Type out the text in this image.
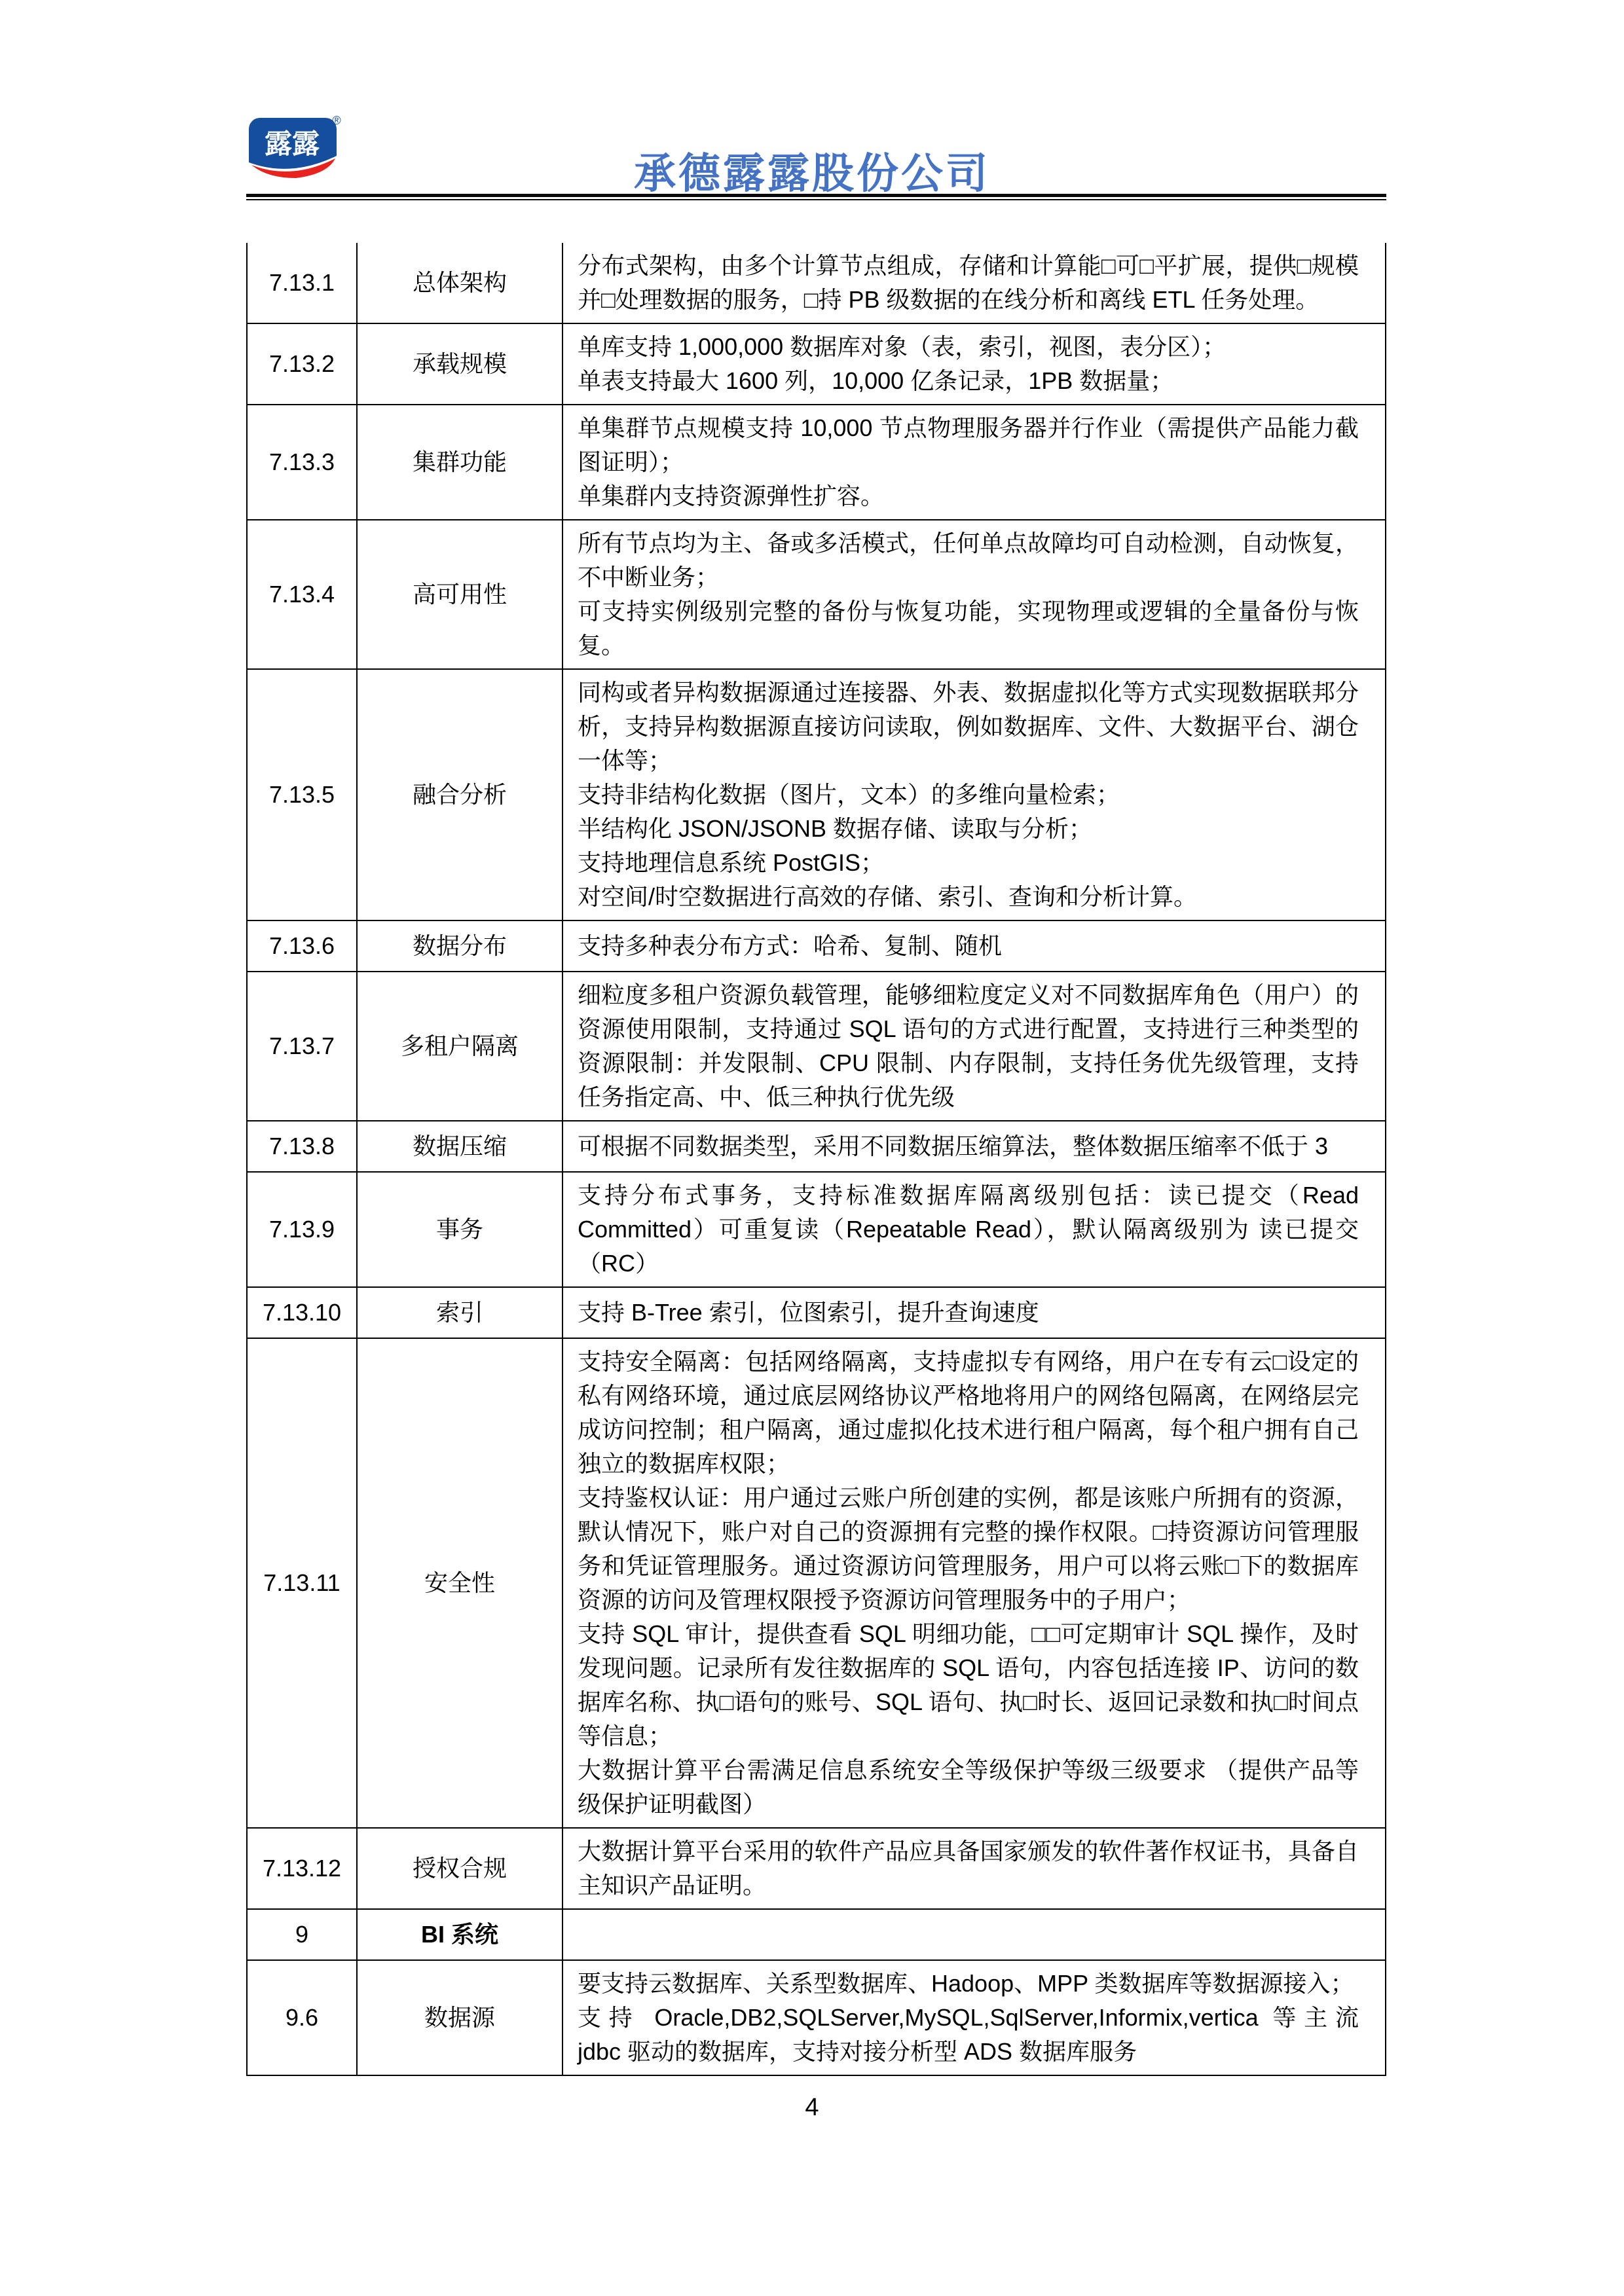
露露
®
承德露露股份公司
7.13.1	总体架构	分布式架构，由多个计算节点组成，存储和计算能□可□平扩展，提供□规模并□处理数据的服务，□持 PB 级数据的在线分析和离线 ETL 任务处理。

7.13.2	承载规模	单库支持 1,000,000 数据库对象（表，索引，视图，表分区）；

单表支持最大 1600 列，10,000 亿条记录，1PB 数据量；

7.13.3	集群功能	单集群节点规模支持 10,000 节点物理服务器并行作业（需提供产品能力截图证明）；

单集群内支持资源弹性扩容。

7.13.4	高可用性	所有节点均为主、备或多活模式，任何单点故障均可自动检测，自动恢复，不中断业务；

可支持实例级别完整的备份与恢复功能，实现物理或逻辑的全量备份与恢复。

7.13.5	融合分析	同构或者异构数据源通过连接器、外表、数据虚拟化等方式实现数据联邦分析，支持异构数据源直接访问读取，例如数据库、文件、大数据平台、湖仓一体等；

支持非结构化数据（图片，文本）的多维向量检索；

半结构化 JSON/JSONB 数据存储、读取与分析；

支持地理信息系统 PostGIS；

对空间/时空数据进行高效的存储、索引、查询和分析计算。

7.13.6	数据分布	支持多种表分布方式：哈希、复制、随机

7.13.7	多租户隔离	细粒度多租户资源负载管理，能够细粒度定义对不同数据库角色（用户）的资源使用限制，支持通过 SQL 语句的方式进行配置，支持进行三种类型的资源限制：并发限制、CPU 限制、内存限制，支持任务优先级管理，支持任务指定高、中、低三种执行优先级

7.13.8	数据压缩	可根据不同数据类型，采用不同数据压缩算法，整体数据压缩率不低于 3

7.13.9	事务	支持分布式事务，支持标准数据库隔离级别包括：读已提交（Read Committed）可重复读（Repeatable Read），默认隔离级别为 读已提交（RC）

7.13.10	索引	支持 B-Tree 索引，位图索引，提升查询速度

7.13.11	安全性	支持安全隔离：包括网络隔离，支持虚拟专有网络，用户在专有云□设定的私有网络环境，通过底层网络协议严格地将用户的网络包隔离，在网络层完成访问控制；租户隔离，通过虚拟化技术进行租户隔离，每个租户拥有自己独立的数据库权限；

支持鉴权认证：用户通过云账户所创建的实例，都是该账户所拥有的资源，默认情况下，账户对自己的资源拥有完整的操作权限。□持资源访问管理服务和凭证管理服务。通过资源访问管理服务，用户可以将云账□下的数据库资源的访问及管理权限授予资源访问管理服务中的子用户；

支持 SQL 审计，提供查看 SQL 明细功能，□□可定期审计 SQL 操作，及时发现问题。记录所有发往数据库的 SQL 语句，内容包括连接 IP、访问的数据库名称、执□语句的账号、SQL 语句、执□时长、返回记录数和执□时间点等信息；

大数据计算平台需满足信息系统安全等级保护等级三级要求 （提供产品等级保护证明截图）

7.13.12	授权合规	大数据计算平台采用的软件产品应具备国家颁发的软件著作权证书，具备自主知识产品证明。

9	BI 系统	
9.6	数据源	要支持云数据库、关系型数据库、Hadoop、MPP 类数据库等数据源接入；

支持 Oracle,DB2,SQLServer,MySQL,SqlServer,Informix,vertica 等主流 jdbc 驱动的数据库，支持对接分析型 ADS 数据库服务

4
